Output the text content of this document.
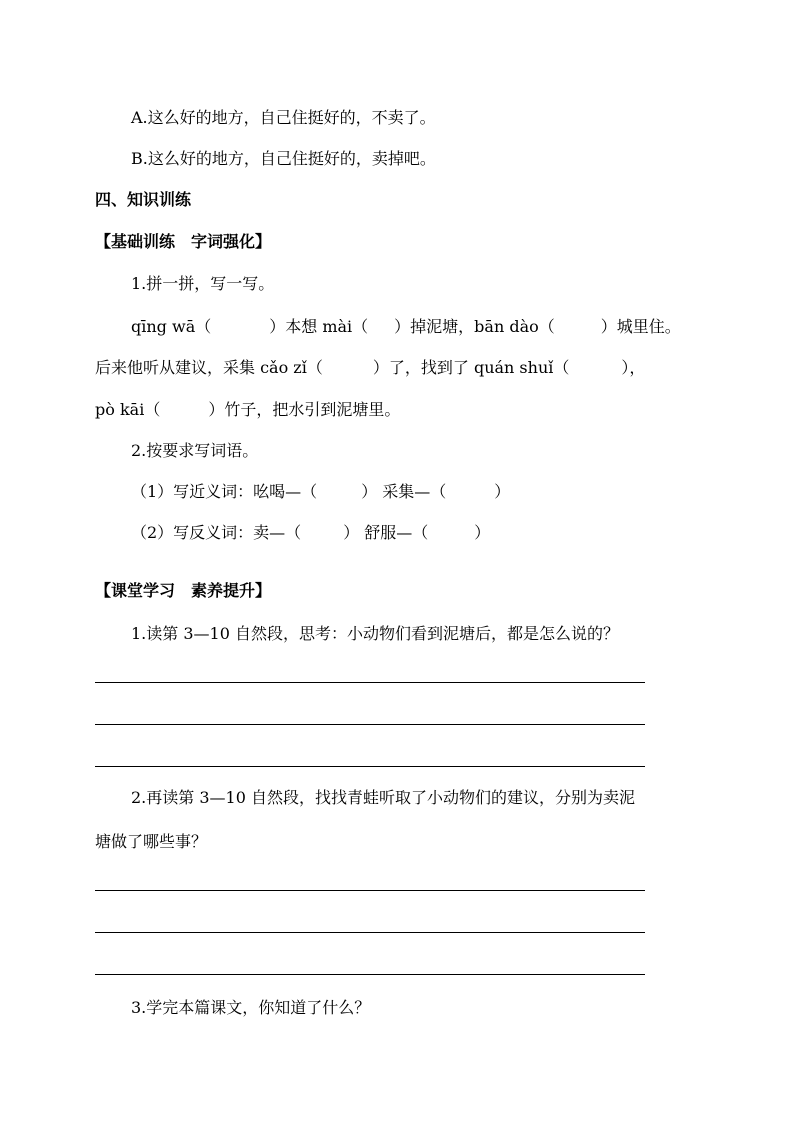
A.这么好的地方，自己住挺好的，不卖了。
B.这么好的地方，自己住挺好的，卖掉吧。
四、知识训练
【基础训练　字词强化】
1.拼一拼，写一写。
qīng wā（	）本想 mài（ ）掉泥塘，bān dào（	）城里住。
后来他听从建议，采集 cǎo zǐ（	）了，找到了 quán shuǐ（	），
pò kāi（	）竹子，把水引到泥塘里。
2.按要求写词语。
（1）写近义词：吆喝—（	） 采集—（	）
（2）写反义词：卖—（	） 舒服—（	）
【课堂学习　素养提升】
1.读第 3—10 自然段，思考：小动物们看到泥塘后，都是怎么说的？
2.再读第 3—10 自然段，找找青蛙听取了小动物们的建议，分别为卖泥
塘做了哪些事？
3.学完本篇课文，你知道了什么？
